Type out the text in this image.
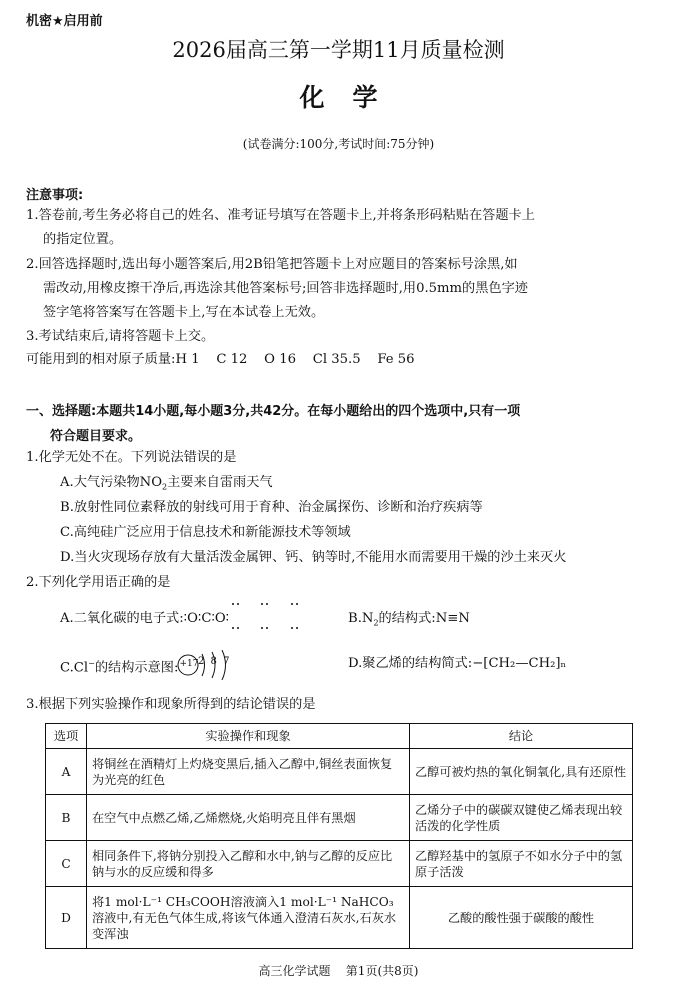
机密★启用前
2026届高三第一学期11月质量检测
化学
(试卷满分:100分,考试时间:75分钟)
注意事项:
1.答卷前,考生务必将自己的姓名、准考证号填写在答题卡上,并将条形码粘贴在答题卡上
的指定位置。
2.回答选择题时,选出每小题答案后,用2B铅笔把答题卡上对应题目的答案标号涂黑,如
需改动,用橡皮擦干净后,再选涂其他答案标号;回答非选择题时,用0.5mm的黑色字迹
签字笔将答案写在答题卡上,写在本试卷上无效。
3.考试结束后,请将答题卡上交。
可能用到的相对原子质量:H 1    C 12    O 16    Cl 35.5    Fe 56
一、选择题:本题共14小题,每小题3分,共42分。在每小题给出的四个选项中,只有一项
符合题目要求。
1.化学无处不在。下列说法错误的是
A.大气污染物$NO_2$主要来自雷雨天气
B.放射性同位素释放的射线可用于育种、治金属探伤、诊断和治疗疾病等
C.高纯硅广泛应用于信息技术和新能源技术等领域
D.当火灾现场存放有大量活泼金属钾、钙、钠等时,不能用水而需要用干燥的沙土来灭火
2.下列化学用语正确的是
A.二氧化碳的电子式:∶O∶C∶O∶	$B.N_2$的结构式:N≡N
C.Cl−的结构示意图: +17 2 8 7	D.聚乙烯的结构简式:−[CH₂—CH₂]ₙ
3.根据下列实验操作和现象所得到的结论错误的是
选项	实验操作和现象	结论
A	将铜丝在酒精灯上灼烧变黑后,插入乙醇中,铜丝表面恢复为光亮的红色	乙醇可被灼热的氧化铜氧化,具有还原性
B	在空气中点燃乙烯,乙烯燃烧,火焰明亮且伴有黑烟	乙烯分子中的碳碳双键使乙烯表现出较活泼的化学性质
C	相同条件下,将钠分别投入乙醇和水中,钠与乙醇的反应比钠与水的反应缓和得多	乙醇羟基中的氢原子不如水分子中的氢原子活泼
D	将1 mol·L⁻¹ CH₃COOH溶液滴入1 mol·L⁻¹ NaHCO₃溶液中,有无色气体生成,将该气体通入澄清石灰水,石灰水变浑浊	乙酸的酸性强于碳酸的酸性
高三化学试题    第1页(共8页)
